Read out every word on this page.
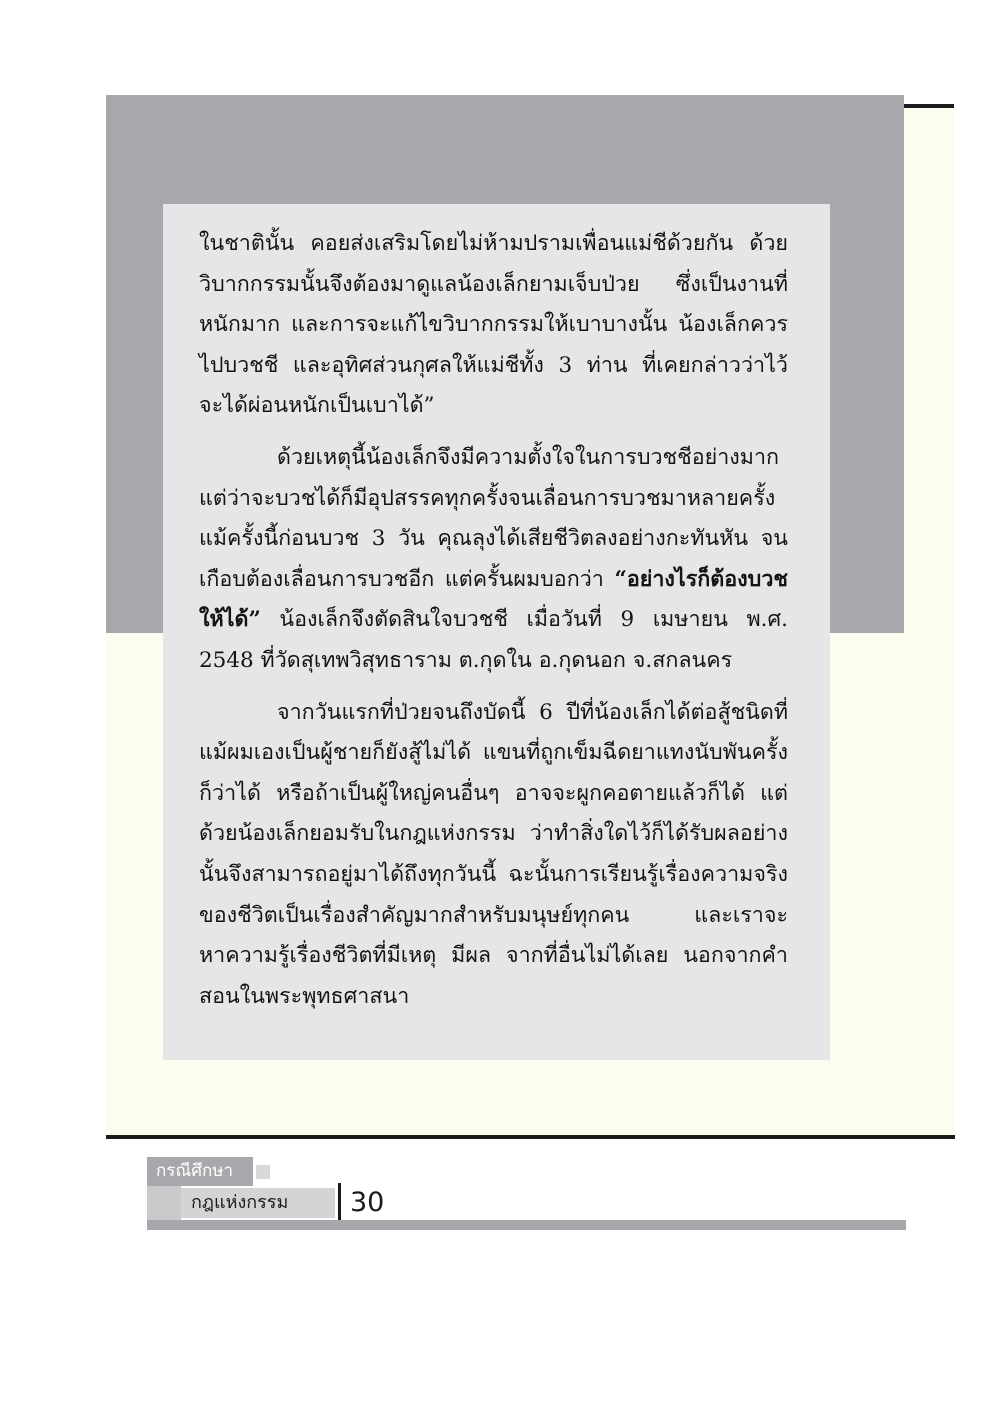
ในชาตินั้น คอยส่งเสริมโดยไม่ห้ามปรามเพื่อนแม่ชีด้วยกัน ด้วยวิบากกรรมนั้นจึงต้องมาดูแลน้องเล็กยามเจ็บป่วย ซึ่งเป็นงานที่หนักมาก และการจะแก้ไขวิบากกรรมให้เบาบางนั้น น้องเล็กควรไปบวชชี และอุทิศส่วนกุศลให้แม่ชีทั้ง 3 ท่าน ที่เคยกล่าวว่าไว้ จะได้ผ่อนหนักเป็นเบาได้”

ด้วยเหตุนี้น้องเล็กจึงมีความตั้งใจในการบวชชีอย่างมาก แต่ว่าจะบวชได้ก็มีอุปสรรคทุกครั้งจนเลื่อนการบวชมาหลายครั้ง แม้ครั้งนี้ก่อนบวช 3 วัน คุณลุงได้เสียชีวิตลงอย่างกะทันหัน จนเกือบต้องเลื่อนการบวชอีก แต่ครั้นผมบอกว่า “อย่างไรก็ต้องบวชให้ได้” น้องเล็กจึงตัดสินใจบวชชี เมื่อวันที่ 9 เมษายน พ.ศ. 2548 ที่วัดสุเทพวิสุทธาราม ต.กุดใน อ.กุดนอก จ.สกลนคร

จากวันแรกที่ป่วยจนถึงบัดนี้ 6 ปีที่น้องเล็กได้ต่อสู้ชนิดที่แม้ผมเองเป็นผู้ชายก็ยังสู้ไม่ได้ แขนที่ถูกเข็มฉีดยาแทงนับพันครั้งก็ว่าได้ หรือถ้าเป็นผู้ใหญ่คนอื่นๆ อาจจะผูกคอตายแล้วก็ได้ แต่ด้วยน้องเล็กยอมรับในกฎแห่งกรรม ว่าทำสิ่งใดไว้ก็ได้รับผลอย่างนั้นจึงสามารถอยู่มาได้ถึงทุกวันนี้ ฉะนั้นการเรียนรู้เรื่องความจริงของชีวิตเป็นเรื่องสำคัญมากสำหรับมนุษย์ทุกคน และเราจะหาความรู้เรื่องชีวิตที่มีเหตุ มีผล จากที่อื่นไม่ได้เลย นอกจากคำสอนในพระพุทธศาสนา

กรณีศึกษา
กฎแห่งกรรม	30
